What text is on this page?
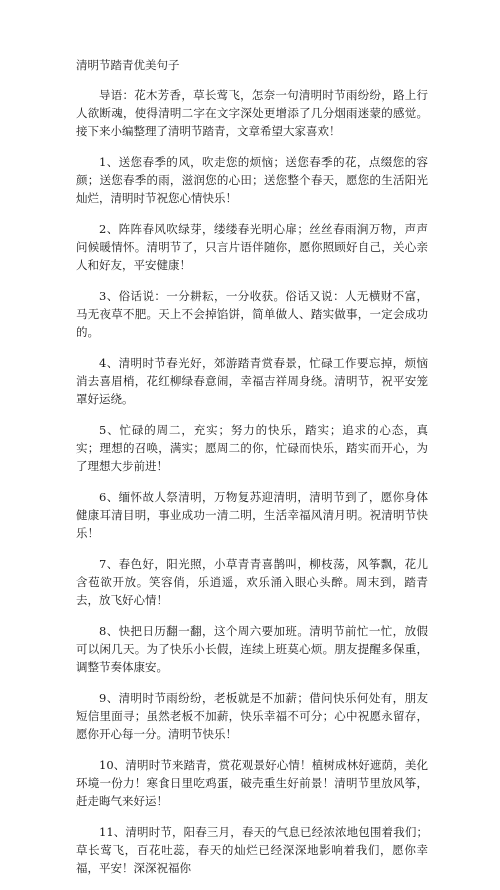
清明节踏青优美句子

导语：花木芳香，草长莺飞，怎奈一句清明时节雨纷纷，路上行人欲断魂，使得清明二字在文字深处更增添了几分烟雨迷蒙的感觉。接下来小编整理了清明节踏青，文章希望大家喜欢！

1、送您春季的风，吹走您的烦恼；送您春季的花，点缀您的容颜；送您春季的雨，滋润您的心田；送您整个春天，愿您的生活阳光灿烂，清明时节祝您心情快乐！

2、阵阵春风吹绿芽，缕缕春光明心扉；丝丝春雨涧万物，声声问候暖情怀。清明节了，只言片语伴随你，愿你照顾好自己，关心亲人和好友，平安健康！

3、俗话说：一分耕耘，一分收获。俗话又说：人无横财不富，马无夜草不肥。天上不会掉馅饼，简单做人、踏实做事，一定会成功的。

4、清明时节春光好，郊游踏青赏春景，忙碌工作要忘掉，烦恼消去喜眉梢，花红柳绿春意闹，幸福吉祥周身绕。清明节，祝平安笼罩好运绕。

5、忙碌的周二，充实；努力的快乐，踏实；追求的心态，真实；理想的召唤，满实；愿周二的你，忙碌而快乐，踏实而开心，为了理想大步前进！

6、缅怀故人祭清明，万物复苏迎清明，清明节到了，愿你身体健康耳清目明，事业成功一清二明，生活幸福风清月明。祝清明节快乐！

7、春色好，阳光照，小草青青喜鹊叫，柳枝荡，风筝飘，花儿含苞欲开放。笑容俏，乐逍遥，欢乐涌入眼心头醉。周末到，踏青去，放飞好心情！

8、快把日历翻一翻，这个周六要加班。清明节前忙一忙，放假可以闲几天。为了快乐小长假，连续上班莫心烦。朋友提醒多保重，调整节奏体康安。

9、清明时节雨纷纷，老板就是不加薪；借问快乐何处有，朋友短信里面寻；虽然老板不加薪，快乐幸福不可分；心中祝愿永留存，愿你开心每一分。清明节快乐！

10、清明时节来踏青，赏花观景好心情！植树成林好遮荫，美化环境一份力！寒食日里吃鸡蛋，破壳重生好前景！清明节里放风筝，赶走晦气来好运！

11、清明时节，阳春三月，春天的气息已经浓浓地包围着我们；草长莺飞，百花吐蕊，春天的灿烂已经深深地影响着我们，愿你幸福，平安！深深祝福你
